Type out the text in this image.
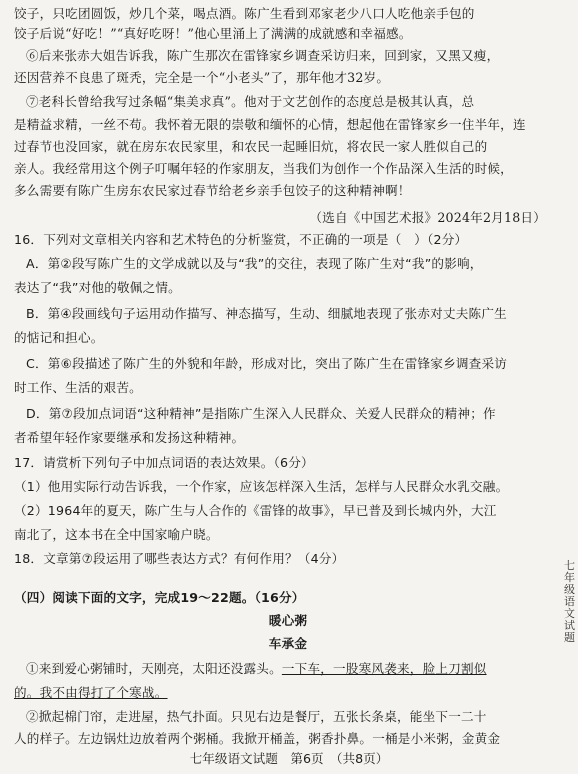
饺子，只吃团圆饭，炒几个菜，喝点酒。陈广生看到邓家老少八口人吃他亲手包的
饺子后说“好吃！”“真好吃呀！”他心里涌上了满满的成就感和幸福感。
⑥后来张赤大姐告诉我，陈广生那次在雷锋家乡调查采访归来，回到家，又黑又瘦，
还因营养不良患了斑秃，完全是一个“小老头”了，那年他才32岁。
⑦老科长曾给我写过条幅“集美求真”。他对于文艺创作的态度总是极其认真，总
是精益求精，一丝不苟。我怀着无限的崇敬和缅怀的心情，想起他在雷锋家乡一住半年，连
过春节也没回家，就在房东农民家里，和农民一起睡旧炕，将农民一家人胜似自己的
亲人。我经常用这个例子叮嘱年轻的作家朋友，当我们为创作一个作品深入生活的时候，
多么需要有陈广生房东农民家过春节给老乡亲手包饺子的这种精神啊！
（选自《中国艺术报》2024年2月18日）
16．下列对文章相关内容和艺术特色的分析鉴赏，不正确的一项是（　）（2分）
A．第②段写陈广生的文学成就以及与“我”的交往，表现了陈广生对“我”的影响，
表达了“我”对他的敬佩之情。
B．第④段画线句子运用动作描写、神态描写，生动、细腻地表现了张赤对丈夫陈广生
的惦记和担心。
C．第⑥段描述了陈广生的外貌和年龄，形成对比，突出了陈广生在雷锋家乡调查采访
时工作、生活的艰苦。
D．第⑦段加点词语“这种精神”是指陈广生深入人民群众、关爱人民群众的精神；作
者希望年轻作家要继承和发扬这种精神。
17．请赏析下列句子中加点词语的表达效果。（6分）
（1）他用实际行动告诉我，一个作家，应该怎样深入生活，怎样与人民群众水乳交融。
（2）1964年的夏天，陈广生与人合作的《雷锋的故事》，早已普及到长城内外，大江
南北了，这本书在全中国家喻户晓。
18．文章第⑦段运用了哪些表达方式？有何作用？（4分）
（四）阅读下面的文字，完成19～22题。（16分）
暖心粥
车承金
①来到爱心粥铺时，天刚亮，太阳还没露头。一下车，一股寒风袭来，脸上刀割似
的。我不由得打了个寒战。
②掀起棉门帘，走进屋，热气扑面。只见右边是餐厅，五张长条桌，能坐下一二十
人的样子。左边锅灶边放着两个粥桶。我掀开桶盖，粥香扑鼻。一桶是小米粥，金黄金
七年级语文试题
七年级语文试题　第6页　（共8页）
